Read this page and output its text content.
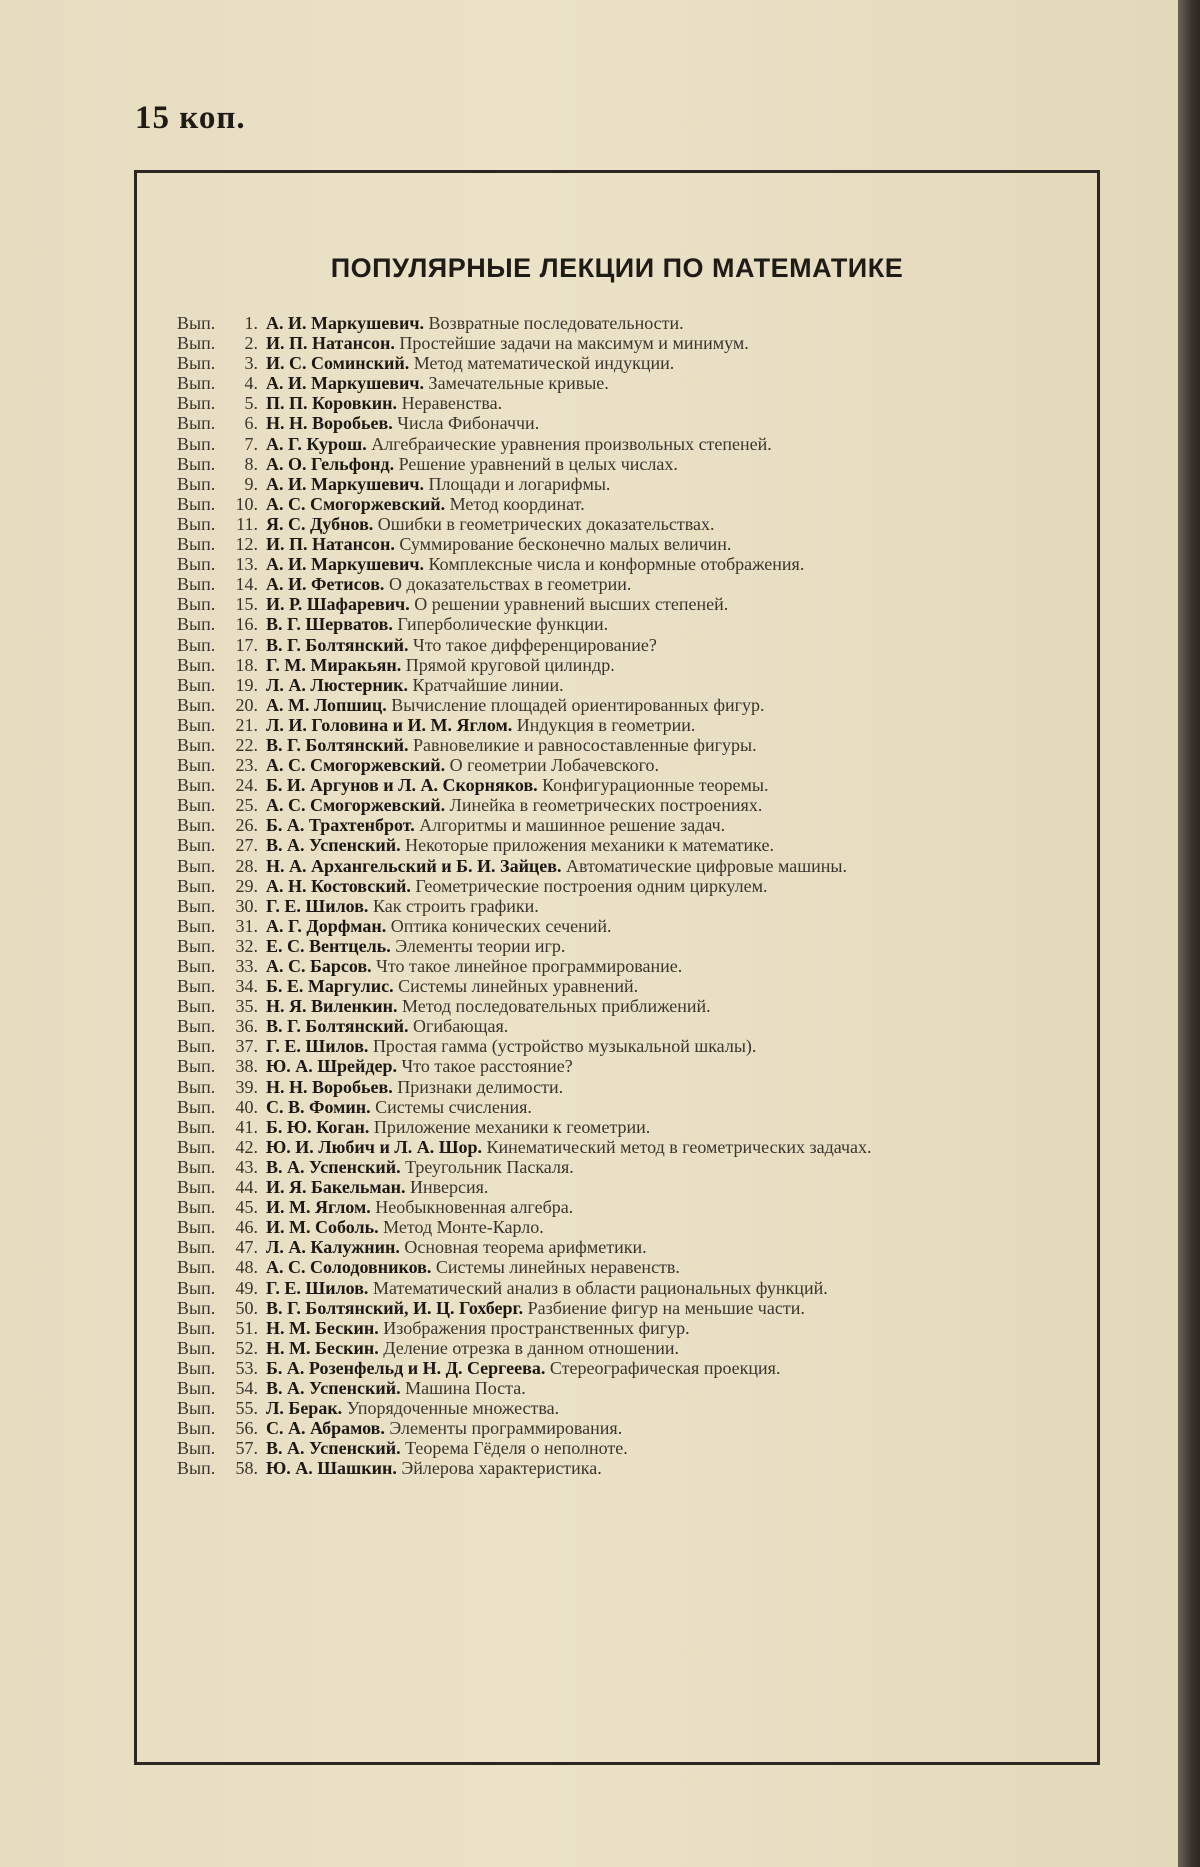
15 коп.
ПОПУЛЯРНЫЕ ЛЕКЦИИ ПО МАТЕМАТИКЕ
Вып.	1. А. И. Маркушевич. Возвратные последовательности.
Вып.	2. И. П. Натансон. Простейшие задачи на максимум и минимум.
Вып.	3. И. С. Соминский. Метод математической индукции.
Вып.	4. А. И. Маркушевич. Замечательные кривые.
Вып.	5. П. П. Коровкин. Неравенства.
Вып.	6. Н. Н. Воробьев. Числа Фибоначчи.
Вып.	7. А. Г. Курош. Алгебраические уравнения произвольных степеней.
Вып.	8. А. О. Гельфонд. Решение уравнений в целых числах.
Вып.	9. А. И. Маркушевич. Площади и логарифмы.
Вып.	10. А. С. Смогоржевский. Метод координат.
Вып.	11. Я. С. Дубнов. Ошибки в геометрических доказательствах.
Вып.	12. И. П. Натансон. Суммирование бесконечно малых величин.
Вып.	13. А. И. Маркушевич. Комплексные числа и конформные отображения.
Вып.	14. А. И. Фетисов. О доказательствах в геометрии.
Вып.	15. И. Р. Шафаревич. О решении уравнений высших степеней.
Вып.	16. В. Г. Шерватов. Гиперболические функции.
Вып.	17. В. Г. Болтянский. Что такое дифференцирование?
Вып.	18. Г. М. Миракьян. Прямой круговой цилиндр.
Вып.	19. Л. А. Люстерник. Кратчайшие линии.
Вып.	20. А. М. Лопшиц. Вычисление площадей ориентированных фигур.
Вып.	21. Л. И. Головина и И. М. Яглом. Индукция в геометрии.
Вып.	22. В. Г. Болтянский. Равновеликие и равносоставленные фигуры.
Вып.	23. А. С. Смогоржевский. О геометрии Лобачевского.
Вып.	24. Б. И. Аргунов и Л. А. Скорняков. Конфигурационные теоремы.
Вып.	25. А. С. Смогоржевский. Линейка в геометрических построениях.
Вып.	26. Б. А. Трахтенброт. Алгоритмы и машинное решение задач.
Вып.	27. В. А. Успенский. Некоторые приложения механики к математике.
Вып.	28. Н. А. Архангельский и Б. И. Зайцев. Автоматические цифровые машины.
Вып.	29. А. Н. Костовский. Геометрические построения одним циркулем.
Вып.	30. Г. Е. Шилов. Как строить графики.
Вып.	31. А. Г. Дорфман. Оптика конических сечений.
Вып.	32. Е. С. Вентцель. Элементы теории игр.
Вып.	33. А. С. Барсов. Что такое линейное программирование.
Вып.	34. Б. Е. Маргулис. Системы линейных уравнений.
Вып.	35. Н. Я. Виленкин. Метод последовательных приближений.
Вып.	36. В. Г. Болтянский. Огибающая.
Вып.	37. Г. Е. Шилов. Простая гамма (устройство музыкальной шкалы).
Вып.	38. Ю. А. Шрейдер. Что такое расстояние?
Вып.	39. Н. Н. Воробьев. Признаки делимости.
Вып.	40. С. В. Фомин. Системы счисления.
Вып.	41. Б. Ю. Коган. Приложение механики к геометрии.
Вып.	42. Ю. И. Любич и Л. А. Шор. Кинематический метод в геометрических задачах.
Вып.	43. В. А. Успенский. Треугольник Паскаля.
Вып.	44. И. Я. Бакельман. Инверсия.
Вып.	45. И. М. Яглом. Необыкновенная алгебра.
Вып.	46. И. М. Соболь. Метод Монте-Карло.
Вып.	47. Л. А. Калужнин. Основная теорема арифметики.
Вып.	48. А. С. Солодовников. Системы линейных неравенств.
Вып.	49. Г. Е. Шилов. Математический анализ в области рациональных функций.
Вып.	50. В. Г. Болтянский, И. Ц. Гохберг. Разбиение фигур на меньшие части.
Вып.	51. Н. М. Бескин. Изображения пространственных фигур.
Вып.	52. Н. М. Бескин. Деление отрезка в данном отношении.
Вып.	53. Б. А. Розенфельд и Н. Д. Сергеева. Стереографическая проекция.
Вып.	54. В. А. Успенский. Машина Поста.
Вып.	55. Л. Берак. Упорядоченные множества.
Вып.	56. С. А. Абрамов. Элементы программирования.
Вып.	57. В. А. Успенский. Теорема Гёделя о неполноте.
Вып.	58. Ю. А. Шашкин. Эйлерова характеристика.
